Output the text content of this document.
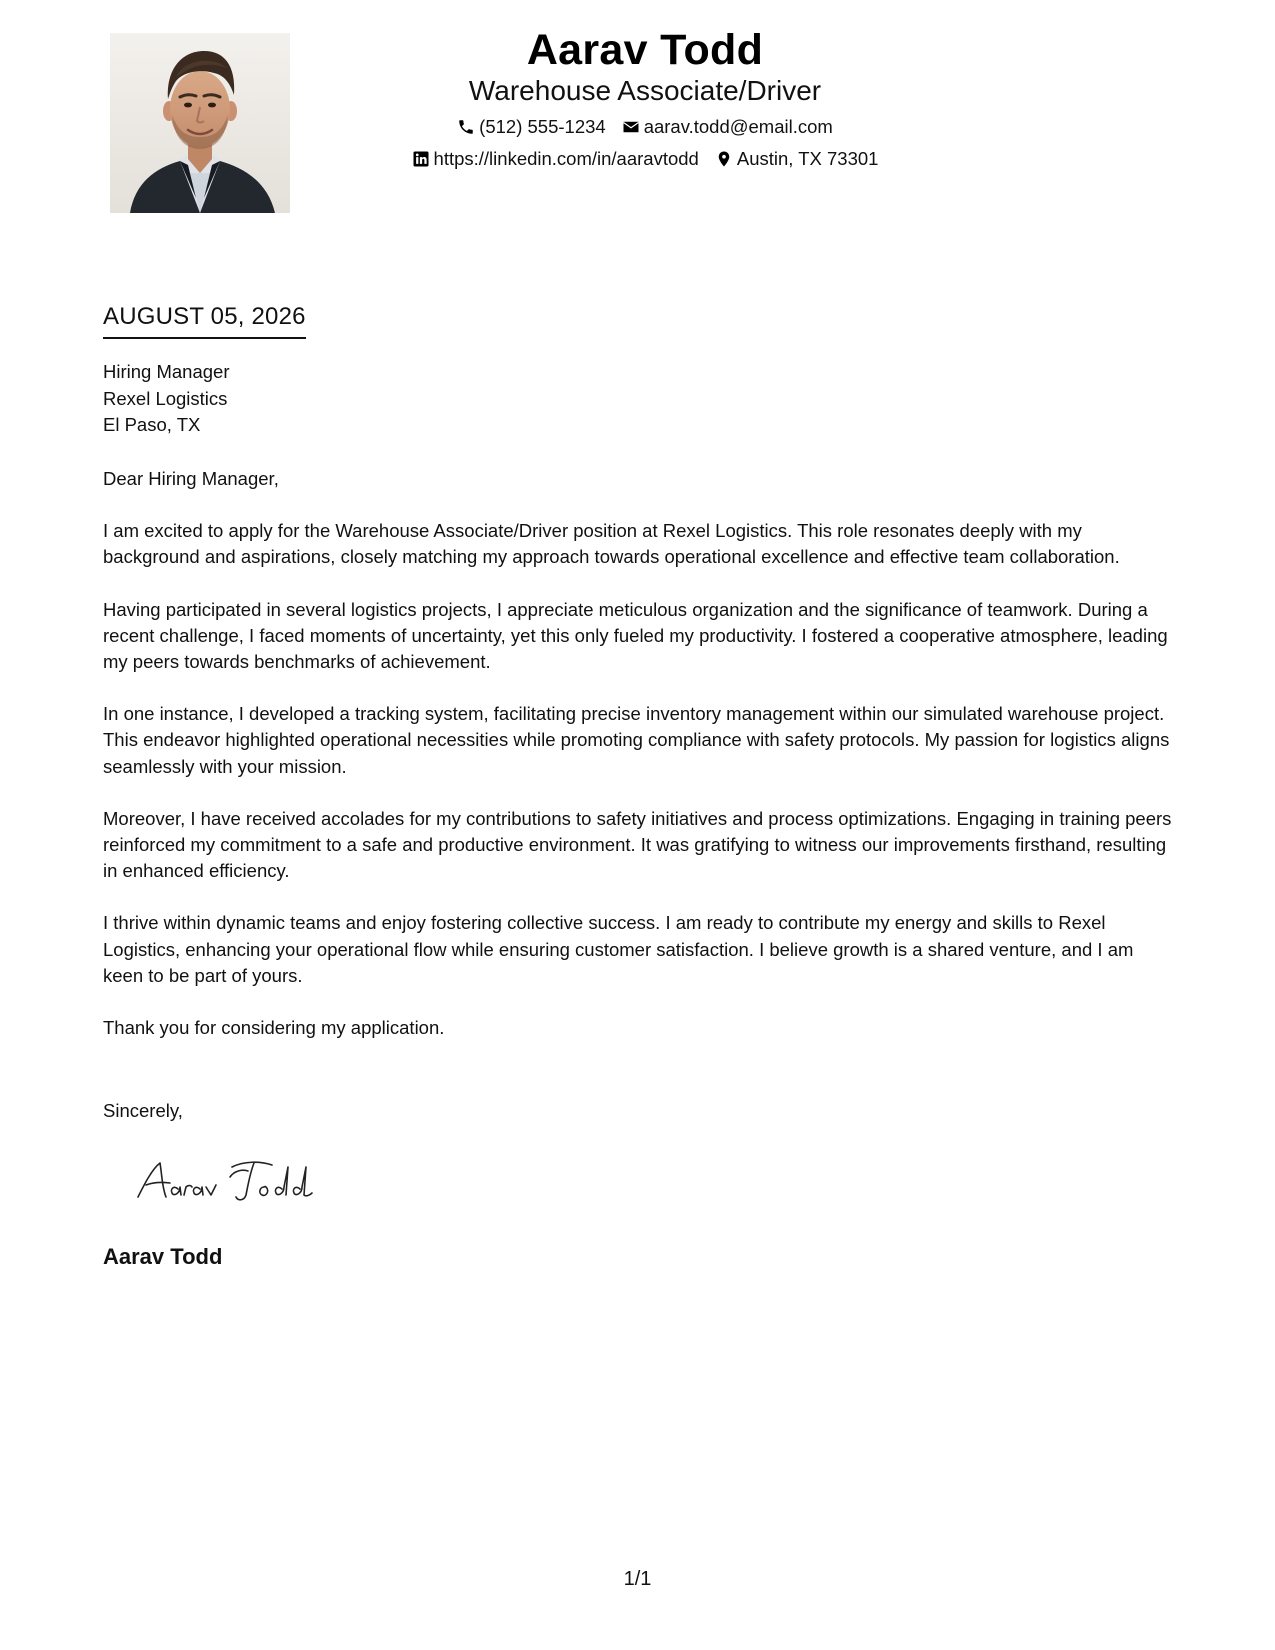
Aarav Todd
Warehouse Associate/Driver
(512) 555-1234 aarav.todd@email.com
https://linkedin.com/in/aaravtodd Austin, TX 73301
AUGUST 05, 2026
Hiring Manager
Rexel Logistics
El Paso, TX

Dear Hiring Manager,

I am excited to apply for the Warehouse Associate/Driver position at Rexel Logistics. This role resonates deeply with my background and aspirations, closely matching my approach towards operational excellence and effective team collaboration.

Having participated in several logistics projects, I appreciate meticulous organization and the significance of teamwork. During a recent challenge, I faced moments of uncertainty, yet this only fueled my productivity. I fostered a cooperative atmosphere, leading my peers towards benchmarks of achievement.

In one instance, I developed a tracking system, facilitating precise inventory management within our simulated warehouse project. This endeavor highlighted operational necessities while promoting compliance with safety protocols. My passion for logistics aligns seamlessly with your mission.

Moreover, I have received accolades for my contributions to safety initiatives and process optimizations. Engaging in training peers reinforced my commitment to a safe and productive environment. It was gratifying to witness our improvements firsthand, resulting in enhanced efficiency.

I thrive within dynamic teams and enjoy fostering collective success. I am ready to contribute my energy and skills to Rexel Logistics, enhancing your operational flow while ensuring customer satisfaction. I believe growth is a shared venture, and I am keen to be part of yours.

Thank you for considering my application.

Sincerely,
Aarav Todd
1/1
